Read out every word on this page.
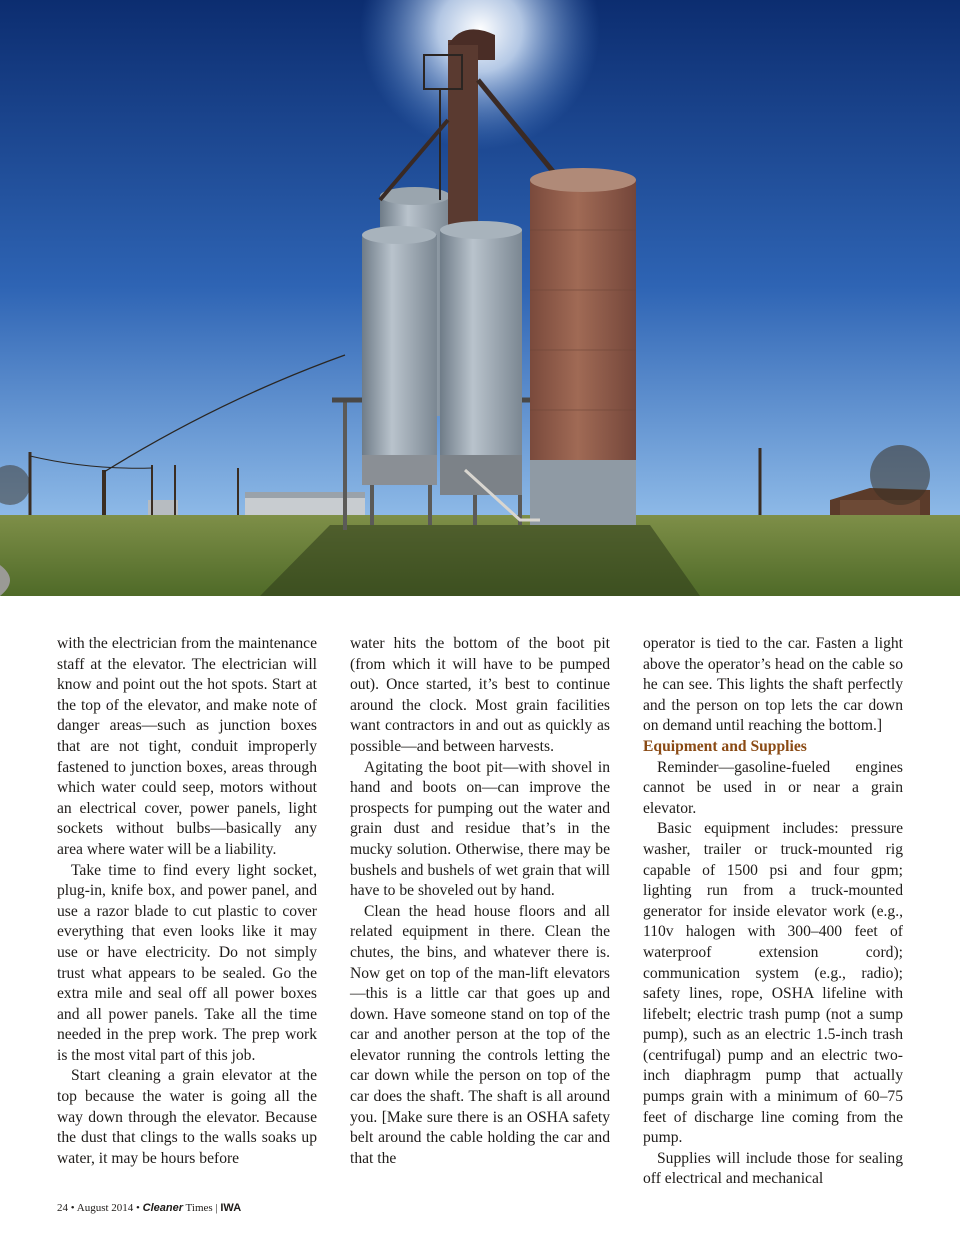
with the electrician from the maintenance staff at the elevator. The electrician will know and point out the hot spots. Start at the top of the elevator, and make note of danger areas—such as junction boxes that are not tight, conduit improperly fastened to junction boxes, areas through which water could seep, motors without an electrical cover, power panels, light sockets without bulbs—basically any area where water will be a liability.

Take time to find every light socket, plug-in, knife box, and power panel, and use a razor blade to cut plastic to cover everything that even looks like it may use or have electricity. Do not simply trust what appears to be sealed. Go the extra mile and seal off all power boxes and all power panels. Take all the time needed in the prep work. The prep work is the most vital part of this job.

Start cleaning a grain elevator at the top because the water is going all the way down through the elevator. Because the dust that clings to the walls soaks up water, it may be hours before

water hits the bottom of the boot pit (from which it will have to be pumped out). Once started, it’s best to continue around the clock. Most grain facilities want contractors in and out as quickly as possible—and between harvests.

Agitating the boot pit—with shovel in hand and boots on—can improve the prospects for pumping out the water and grain dust and residue that’s in the mucky solution. Otherwise, there may be bushels and bushels of wet grain that will have to be shoveled out by hand.

Clean the head house floors and all related equipment in there. Clean the chutes, the bins, and whatever there is. Now get on top of the man-lift elevators—this is a little car that goes up and down. Have someone stand on top of the car and another person at the top of the elevator running the controls letting the car down while the person on top of the car does the shaft. The shaft is all around you. [Make sure there is an OSHA safety belt around the cable holding the car and that the

operator is tied to the car. Fasten a light above the operator’s head on the cable so he can see. This lights the shaft perfectly and the person on top lets the car down on demand until reaching the bottom.]

Equipment and Supplies

Reminder—gasoline-fueled engines cannot be used in or near a grain elevator.

Basic equipment includes: pressure washer, trailer or truck-mounted rig capable of 1500 psi and four gpm; lighting run from a truck-mounted generator for inside elevator work (e.g., 110v halogen with 300–400 feet of waterproof extension cord); communication system (e.g., radio); safety lines, rope, OSHA lifeline with lifebelt; electric trash pump (not a sump pump), such as an electric 1.5-inch trash (centrifugal) pump and an electric two-inch diaphragm pump that actually pumps grain with a minimum of 60–75 feet of discharge line coming from the pump.

Supplies will include those for sealing off electrical and mechanical

24 • August 2014 • Cleaner Times | IWA
